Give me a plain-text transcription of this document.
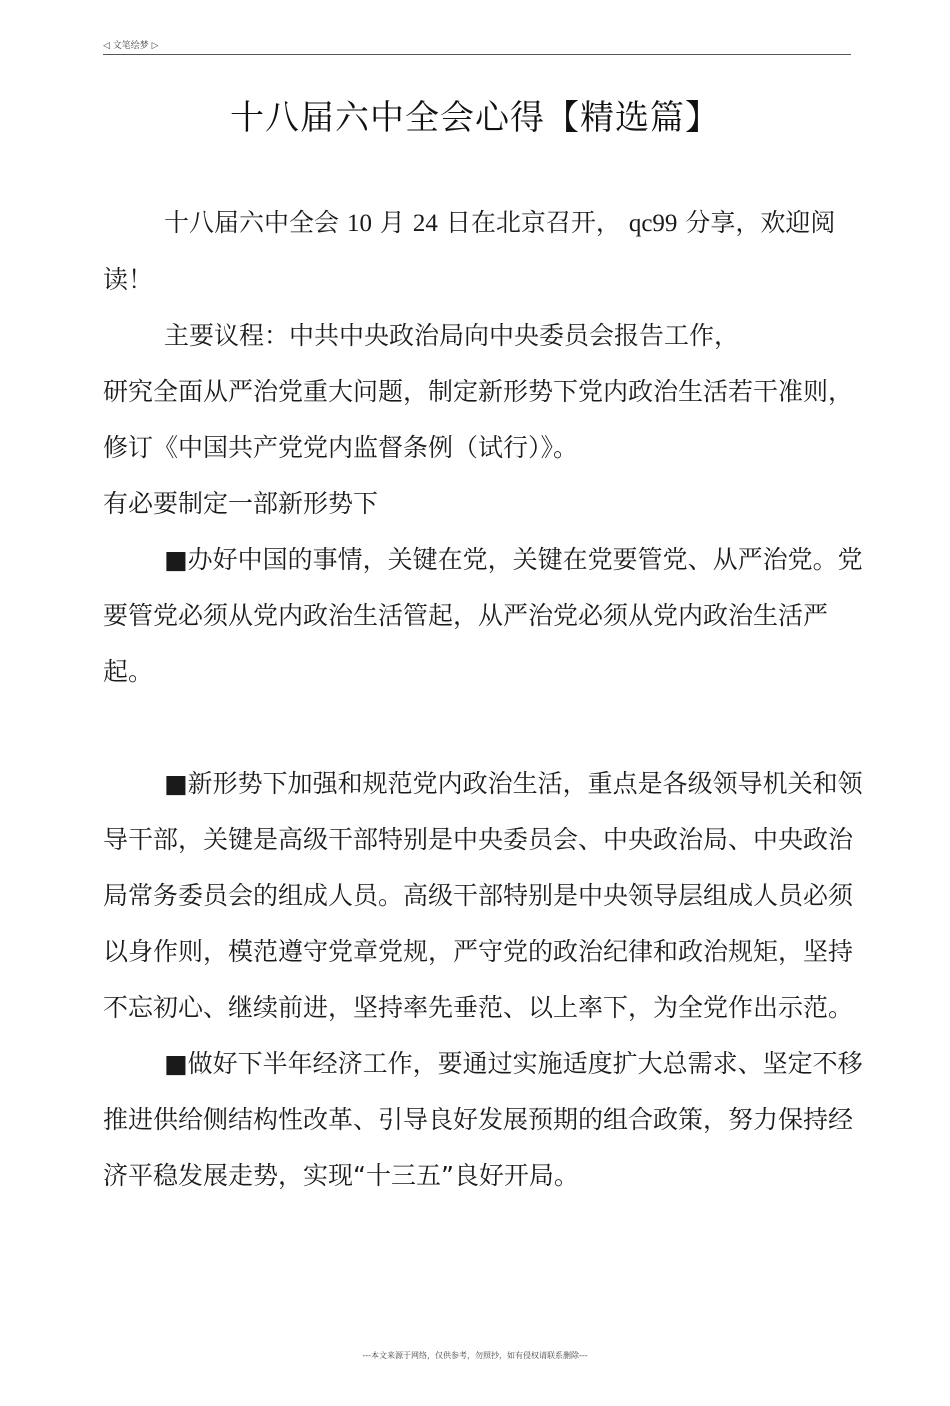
◁ 文笔绘梦 ▷
十八届六中全会心得【精选篇】

十八届六中全会 10 月 24 日在北京召开， qc99 分享，欢迎阅读！

主要议程：中共中央政治局向中央委员会报告工作，

研究全面从严治党重大问题，制定新形势下党内政治生活若干准则，修订《中国共产党党内监督条例（试行）》。

有必要制定一部新形势下

■办好中国的事情，关键在党，关键在党要管党、从严治党。党要管党必须从党内政治生活管起，从严治党必须从党内政治生活严起。

■新形势下加强和规范党内政治生活，重点是各级领导机关和领导干部，关键是高级干部特别是中央委员会、中央政治局、中央政治局常务委员会的组成人员。高级干部特别是中央领导层组成人员必须以身作则，模范遵守党章党规，严守党的政治纪律和政治规矩，坚持不忘初心、继续前进，坚持率先垂范、以上率下，为全党作出示范。

■做好下半年经济工作，要通过实施适度扩大总需求、坚定不移推进供给侧结构性改革、引导良好发展预期的组合政策，努力保持经济平稳发展走势，实现“十三五”良好开局。

---本文来源于网络，仅供参考，勿照抄，如有侵权请联系删除---
